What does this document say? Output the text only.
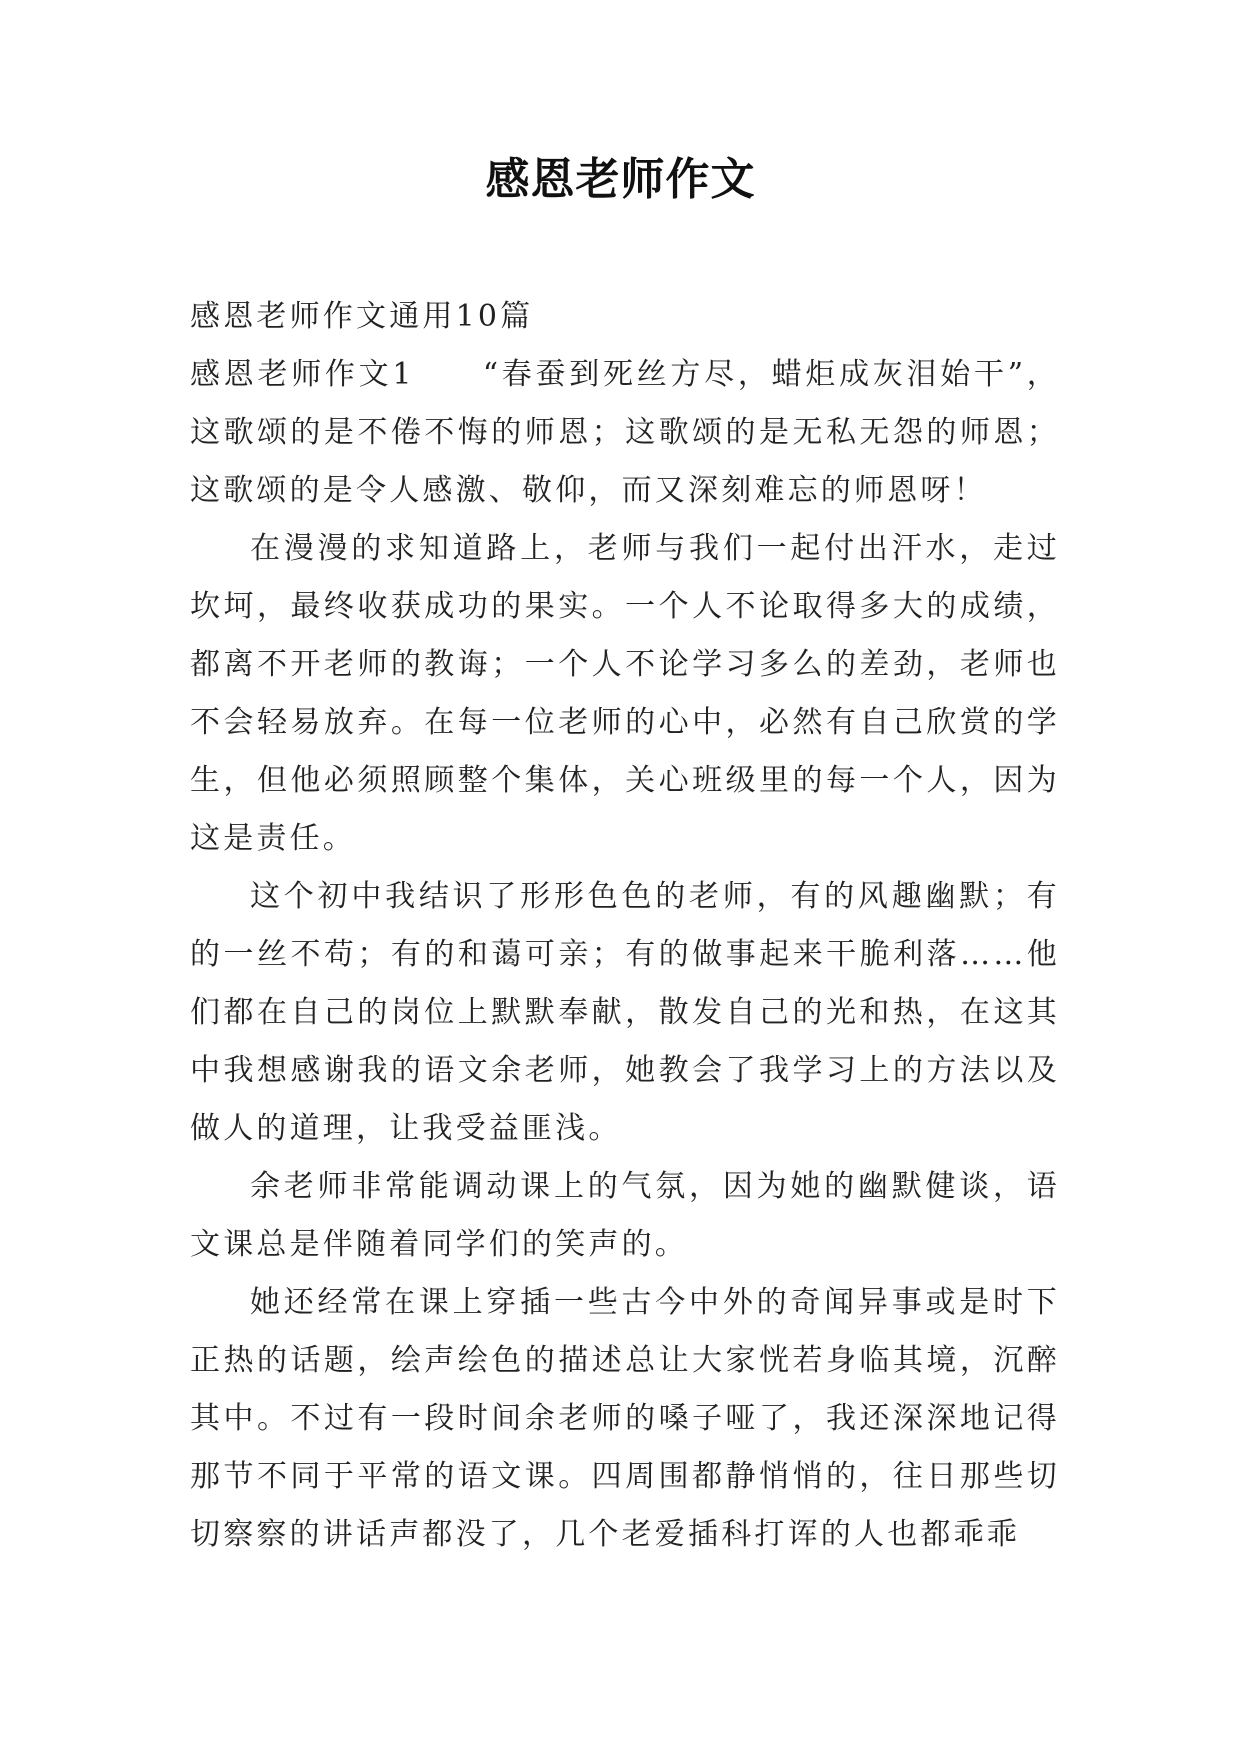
感恩老师作文

感恩老师作文通用10篇

感恩老师作文1 “春蚕到死丝方尽，蜡炬成灰泪始干”，这歌颂的是不倦不悔的师恩；这歌颂的是无私无怨的师恩；这歌颂的是令人感激、敬仰，而又深刻难忘的师恩呀！

在漫漫的求知道路上，老师与我们一起付出汗水，走过坎坷，最终收获成功的果实。一个人不论取得多大的成绩，都离不开老师的教诲；一个人不论学习多么的差劲，老师也不会轻易放弃。在每一位老师的心中，必然有自己欣赏的学生，但他必须照顾整个集体，关心班级里的每一个人，因为这是责任。

这个初中我结识了形形色色的老师，有的风趣幽默；有的一丝不苟；有的和蔼可亲；有的做事起来干脆利落……他们都在自己的岗位上默默奉献，散发自己的光和热，在这其中我想感谢我的语文余老师，她教会了我学习上的方法以及做人的道理，让我受益匪浅。

余老师非常能调动课上的气氛，因为她的幽默健谈，语文课总是伴随着同学们的笑声的。

她还经常在课上穿插一些古今中外的奇闻异事或是时下正热的话题，绘声绘色的描述总让大家恍若身临其境，沉醉其中。不过有一段时间余老师的嗓子哑了，我还深深地记得那节不同于平常的语文课。四周围都静悄悄的，往日那些切切察察的讲话声都没了，几个老爱插科打诨的人也都乖乖
